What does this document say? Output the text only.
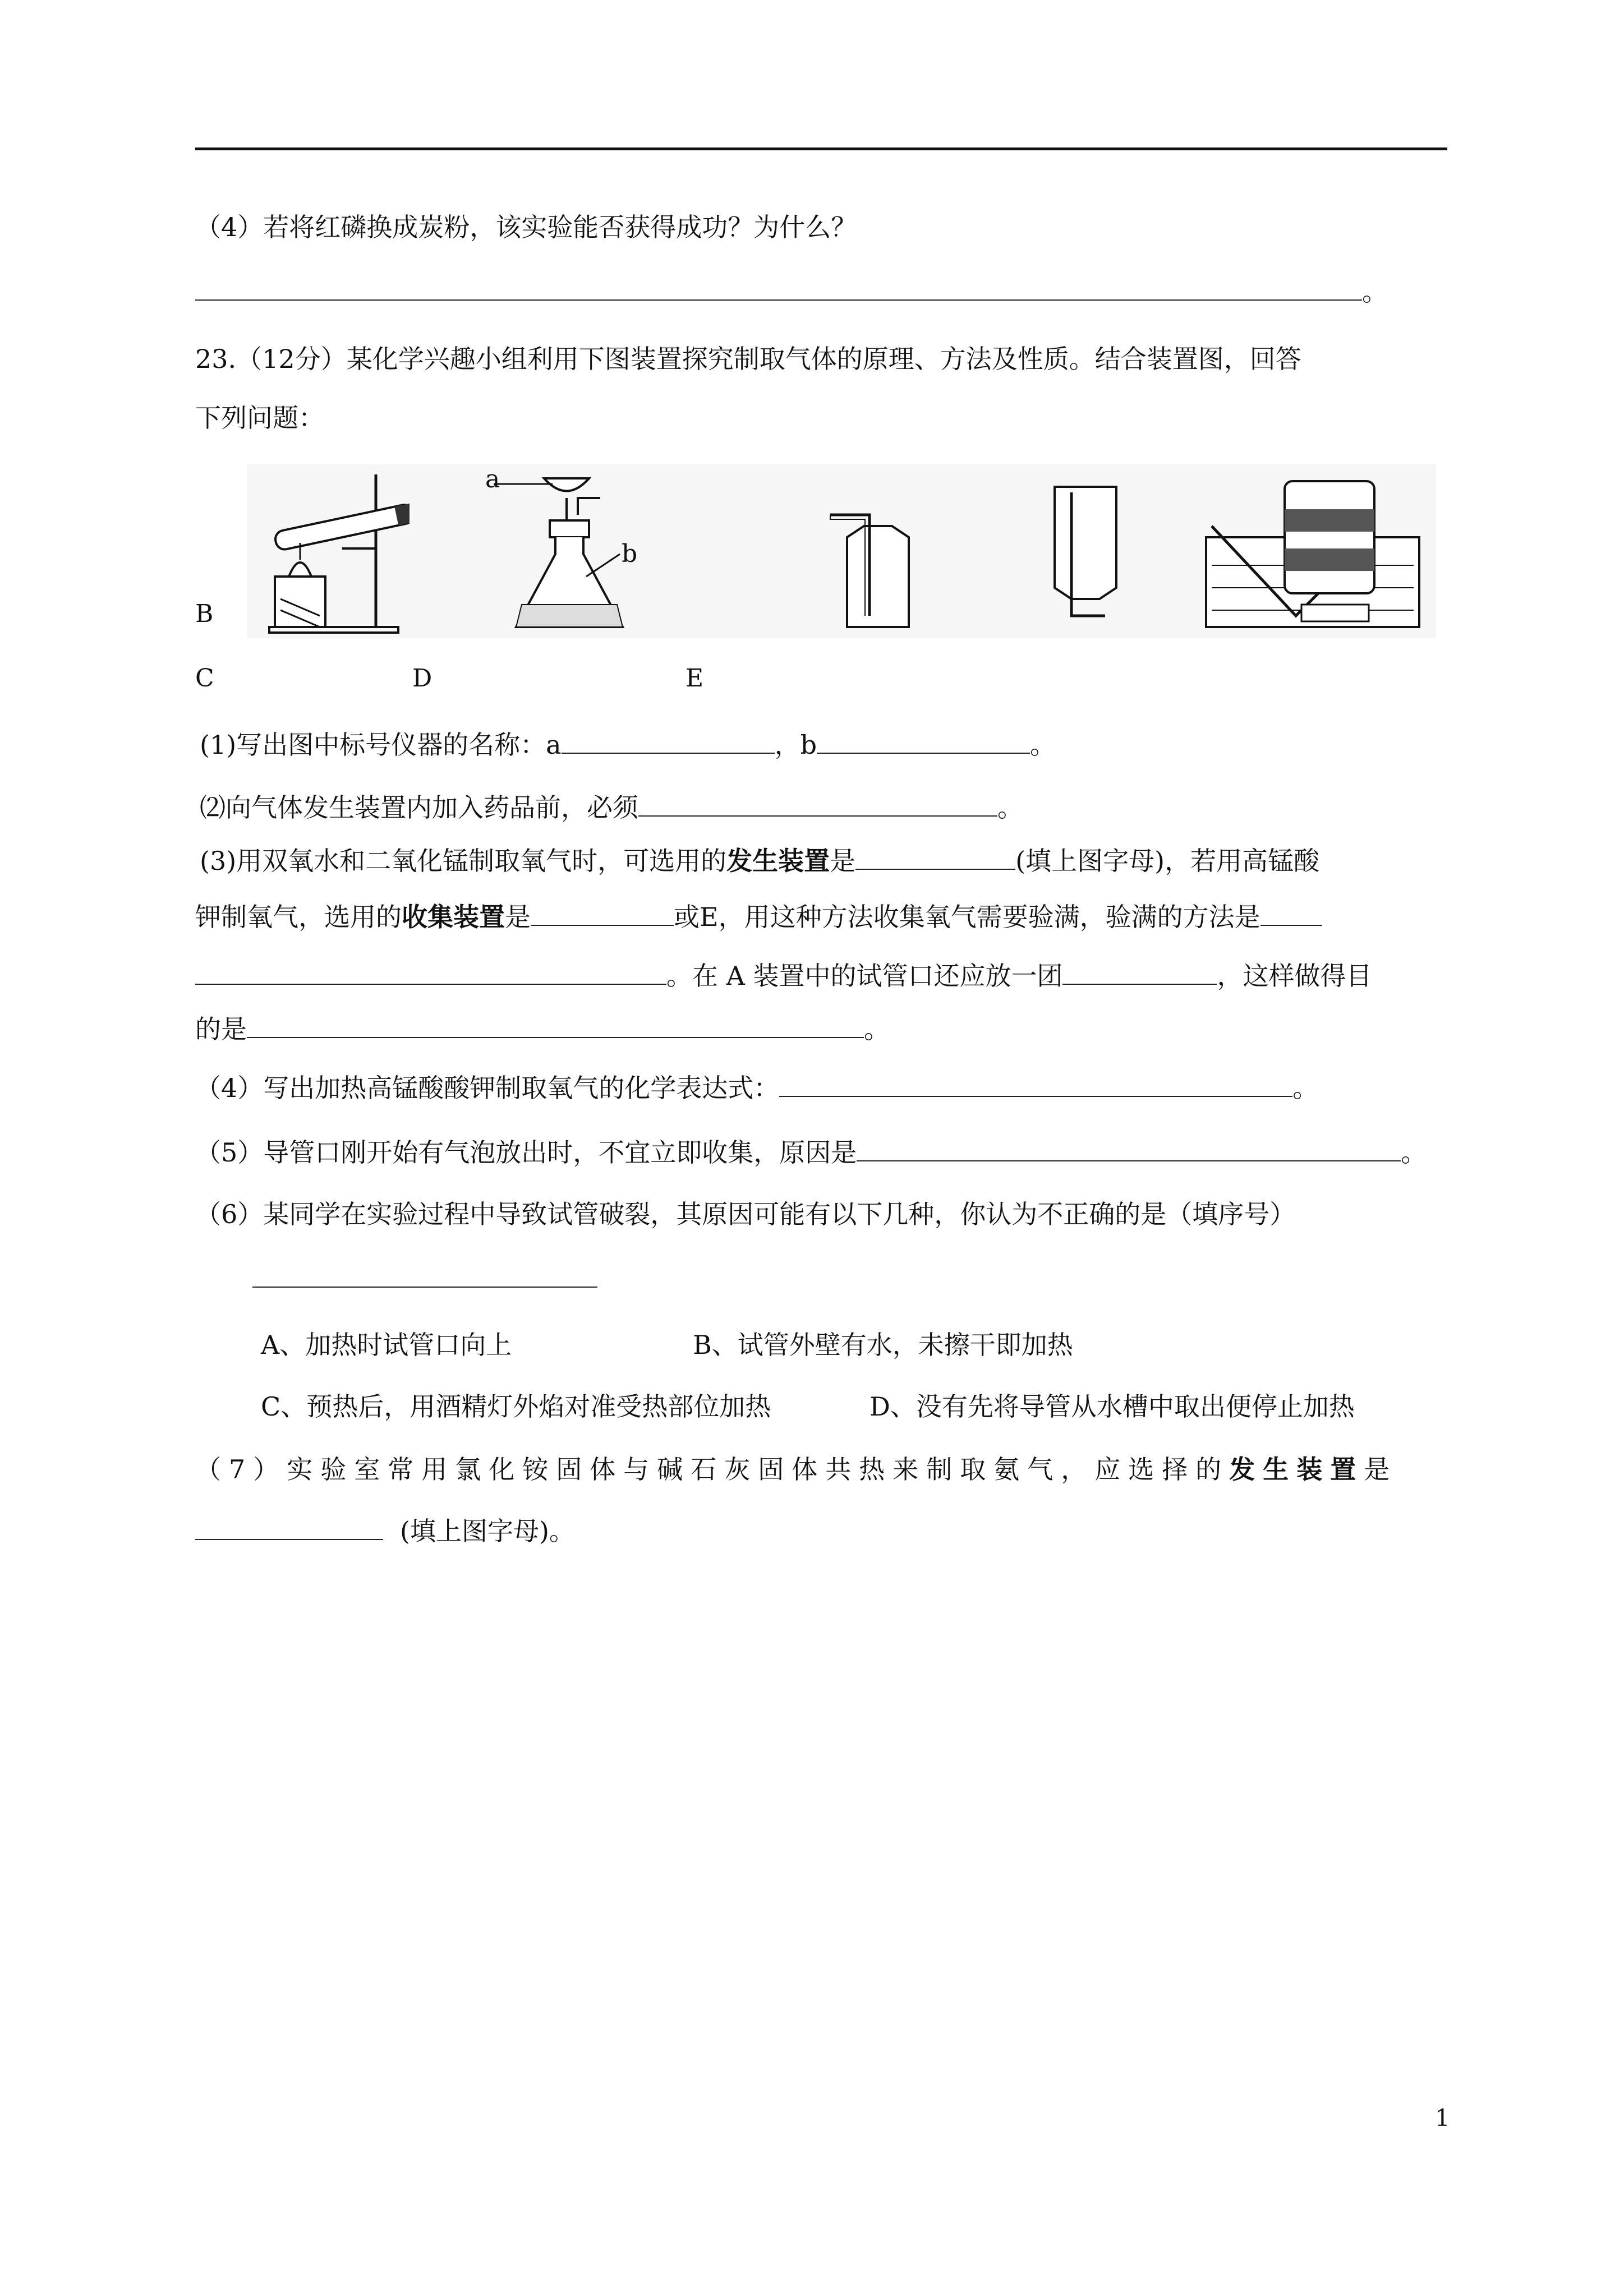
（4）若将红磷换成炭粉，该实验能否获得成功？为什么？
。
23.（12分）某化学兴趣小组利用下图装置探究制取气体的原理、方法及性质。结合装置图，回答
下列问题：
a
b
B
C	D	E
(1)写出图中标号仪器的名称：a	，b	。
⑵向气体发生装置内加入药品前，必须	。
(3)用双氧水和二氧化锰制取氧气时，可选用的发生装置是	(填上图字母)，若用高锰酸
钾制氧气，选用的收集装置是	或E，用这种方法收集氧气需要验满，验满的方法是
。在 A 装置中的试管口还应放一团	，这样做得目
的是	。
（4）写出加热高锰酸酸钾制取氧气的化学表达式：	。
（5）导管口刚开始有气泡放出时，不宜立即收集，原因是	。
（6）某同学在实验过程中导致试管破裂，其原因可能有以下几种，你认为不正确的是（填序号）
A、加热时试管口向上	B、试管外壁有水，未擦干即加热
C、预热后，用酒精灯外焰对准受热部位加热	D、没有先将导管从水槽中取出便停止加热
（7）实验室常用氯化铵固体与碱石灰固体共热来制取氨气，应选择的发生装置是
(填上图字母)。
1
